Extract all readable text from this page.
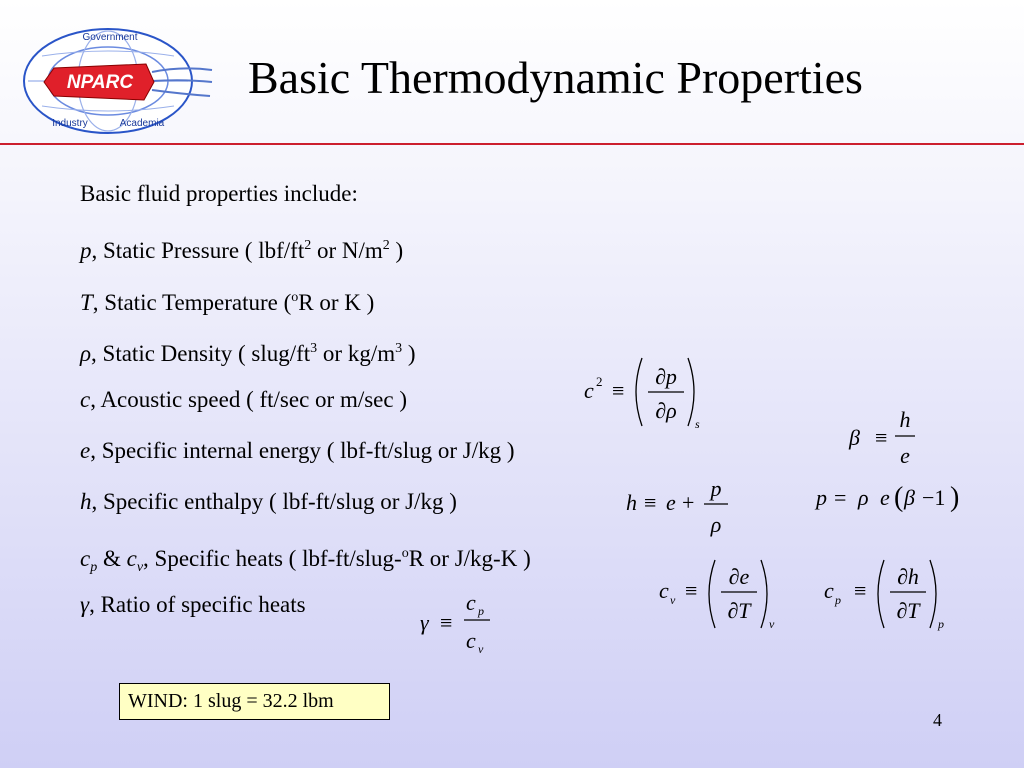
NPARC
Government
Industry	Academia
Basic Thermodynamic Properties
Basic fluid properties include:
p, Static Pressure ( lbf/$ft^2$ or $N/m^2$ )
T, Static Temperature ($^o$R or K )
ρ, Static Density ( slug/$ft^3$ or $kg/m^3$ )
c, Acoustic speed ( ft/sec or m/sec )
e, Specific internal energy ( lbf-ft/slug or J/kg )
h, Specific enthalpy ( lbf-ft/slug or J/kg )
$c_p$ & $c_v$, Specific heats ( lbf-ft/slug-$^o$R or J/kg-K )
γ, Ratio of specific heats
c 2 ≡
∂p
∂ρ
s
β ≡
h
e
h ≡ e +
p
ρ
p = ρ e ( β −1 )
c v ≡
∂e
∂T
v
c p ≡
∂h
∂T
p
γ ≡
c p
c v
WIND: 1 slug = 32.2 lbm
4
